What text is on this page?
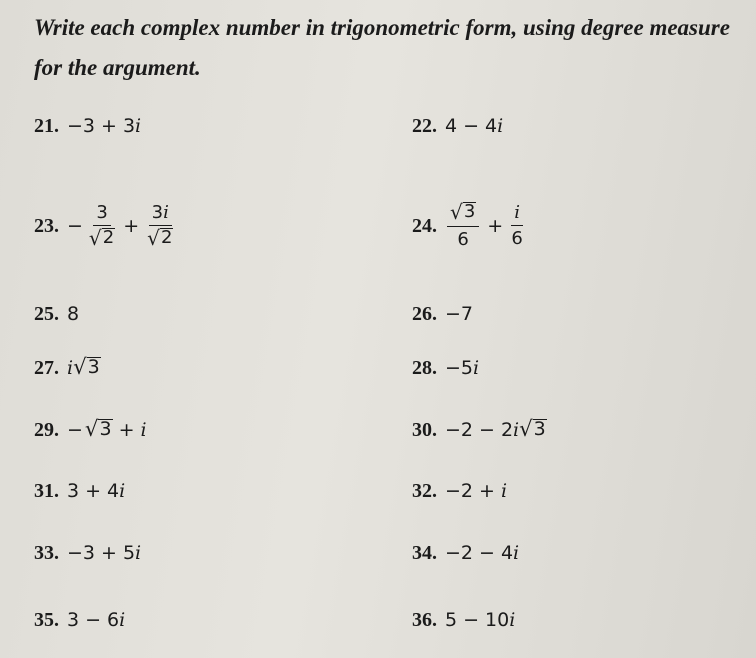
Write each complex number in trigonometric form, using degree measure for the argument.
21. −3 + 3 i
23. − $\frac{3}{√ 2} + \frac{3i}{√ 2}$
25. 8
27. i √ 3
29. − √ 3 + i
31. 3 + 4 i
33. −3 + 5 i
35. 3 − 6 i
22. 4 − 4 i
24. $\frac{√ 3}{6} + \frac{i}{6}$
26. −7
28. −5 i
30. −2 − 2 i √ 3
32. −2 + i
34. −2 − 4 i
36. 5 − 10 i
